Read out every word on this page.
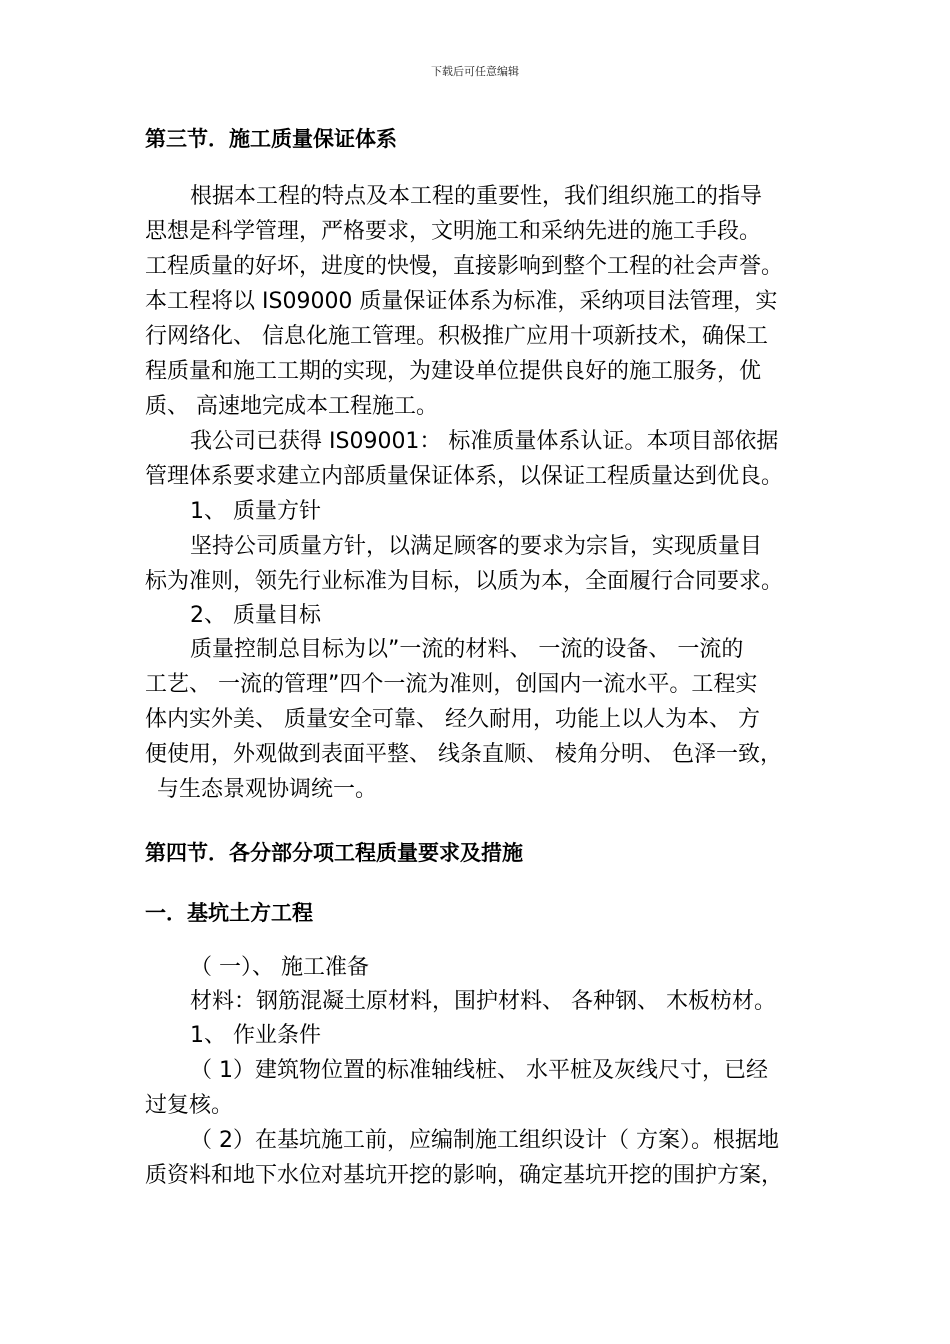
下载后可任意编辑
第三节．施工质量保证体系
根据本工程的特点及本工程的重要性，我们组织施工的指导
思想是科学管理，严格要求，文明施工和采纳先进的施工手段。
工程质量的好坏，进度的快慢，直接影响到整个工程的社会声誉。
本工程将以 IS09000 质量保证体系为标准，采纳项目法管理，实
行网络化、 信息化施工管理。积极推广应用十项新技术，确保工
程质量和施工工期的实现，为建设单位提供良好的施工服务，优
质、 高速地完成本工程施工。
我公司已获得 IS09001： 标准质量体系认证。本项目部依据
管理体系要求建立内部质量保证体系，以保证工程质量达到优良。
1、 质量方针
坚持公司质量方针，以满足顾客的要求为宗旨，实现质量目
标为准则，领先行业标准为目标，以质为本，全面履行合同要求。
2、 质量目标
质量控制总目标为以”一流的材料、 一流的设备、 一流的
工艺、 一流的管理”四个一流为准则，创国内一流水平。工程实
体内实外美、 质量安全可靠、 经久耐用，功能上以人为本、 方
便使用，外观做到表面平整、 线条直顺、 棱角分明、 色泽一致，
与生态景观协调统一。
第四节．各分部分项工程质量要求及措施
一．基坑土方工程
（ 一）、 施工准备
材料：钢筋混凝土原材料，围护材料、 各种钢、 木板枋材。
1、 作业条件
（ 1）建筑物位置的标准轴线桩、 水平桩及灰线尺寸，已经
过复核。
（ 2）在基坑施工前，应编制施工组织设计（ 方案）。根据地
质资料和地下水位对基坑开挖的影响，确定基坑开挖的围护方案，
